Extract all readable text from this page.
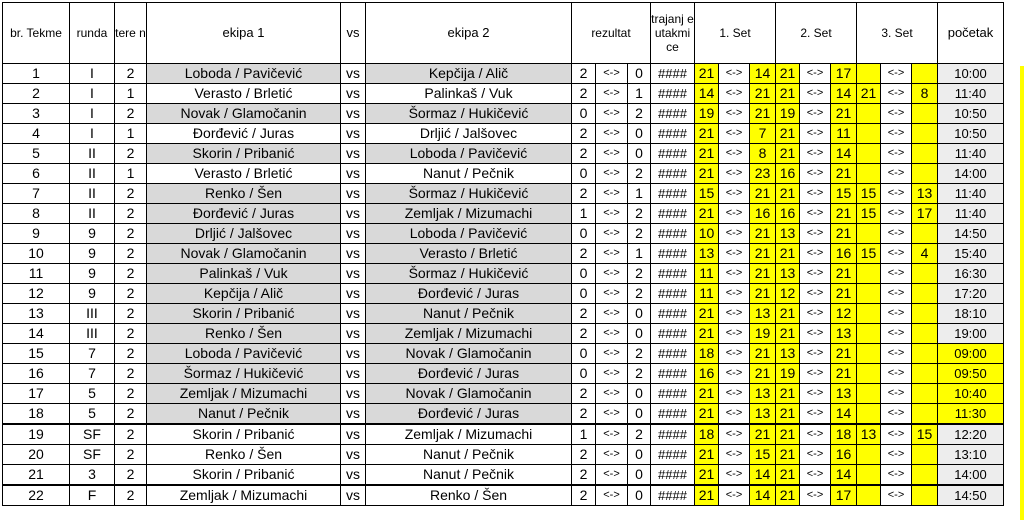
br. Tekme	runda	tere n	ekipa 1	vs	ekipa 2	rezultat			trajanj e utakmi ce	1. Set			2. Set			3. Set			početak
1	I	2	Loboda / Pavičević	vs	Kepčija / Alič	2	<->	0	####	21	<->	14	21	<->	17		<->		10:00
2	I	1	Verasto / Brletić	vs	Palinkaš / Vuk	2	<->	1	####	14	<->	21	21	<->	14	21	<->	8	11:40
3	I	2	Novak / Glamočanin	vs	Šormaz / Hukičević	0	<->	2	####	19	<->	21	19	<->	21		<->		10:50
4	I	1	Đorđević / Juras	vs	Drljić / Jalšovec	2	<->	0	####	21	<->	7	21	<->	11		<->		10:50
5	II	2	Skorin / Pribanić	vs	Loboda / Pavičević	2	<->	0	####	21	<->	8	21	<->	14		<->		11:40
6	II	1	Verasto / Brletić	vs	Nanut / Pečnik	0	<->	2	####	21	<->	23	16	<->	21		<->		14:00
7	II	2	Renko / Šen	vs	Šormaz / Hukičević	2	<->	1	####	15	<->	21	21	<->	15	15	<->	13	11:40
8	II	2	Đorđević / Juras	vs	Zemljak / Mizumachi	1	<->	2	####	21	<->	16	16	<->	21	15	<->	17	11:40
9	9	2	Drljić / Jalšovec	vs	Loboda / Pavičević	0	<->	2	####	10	<->	21	13	<->	21		<->		14:50
10	9	2	Novak / Glamočanin	vs	Verasto / Brletić	2	<->	1	####	13	<->	21	21	<->	16	15	<->	4	15:40
11	9	2	Palinkaš / Vuk	vs	Šormaz / Hukičević	0	<->	2	####	11	<->	21	13	<->	21		<->		16:30
12	9	2	Kepčija / Alič	vs	Đorđević / Juras	0	<->	2	####	11	<->	21	12	<->	21		<->		17:20
13	III	2	Skorin / Pribanić	vs	Nanut / Pečnik	2	<->	0	####	21	<->	13	21	<->	12		<->		18:10
14	III	2	Renko / Šen	vs	Zemljak / Mizumachi	2	<->	0	####	21	<->	19	21	<->	13		<->		19:00
15	7	2	Loboda / Pavičević	vs	Novak / Glamočanin	0	<->	2	####	18	<->	21	13	<->	21		<->		09:00
16	7	2	Šormaz / Hukičević	vs	Đorđević / Juras	0	<->	2	####	16	<->	21	19	<->	21		<->		09:50
17	5	2	Zemljak / Mizumachi	vs	Novak / Glamočanin	2	<->	0	####	21	<->	13	21	<->	13		<->		10:40
18	5	2	Nanut / Pečnik	vs	Đorđević / Juras	2	<->	0	####	21	<->	13	21	<->	14		<->		11:30
19	SF	2	Skorin / Pribanić	vs	Zemljak / Mizumachi	1	<->	2	####	18	<->	21	21	<->	18	13	<->	15	12:20
20	SF	2	Renko / Šen	vs	Nanut / Pečnik	2	<->	0	####	21	<->	15	21	<->	16		<->		13:10
21	3	2	Skorin / Pribanić	vs	Nanut / Pečnik	2	<->	0	####	21	<->	14	21	<->	14		<->		14:00
22	F	2	Zemljak / Mizumachi	vs	Renko / Šen	2	<->	0	####	21	<->	14	21	<->	17		<->		14:50
